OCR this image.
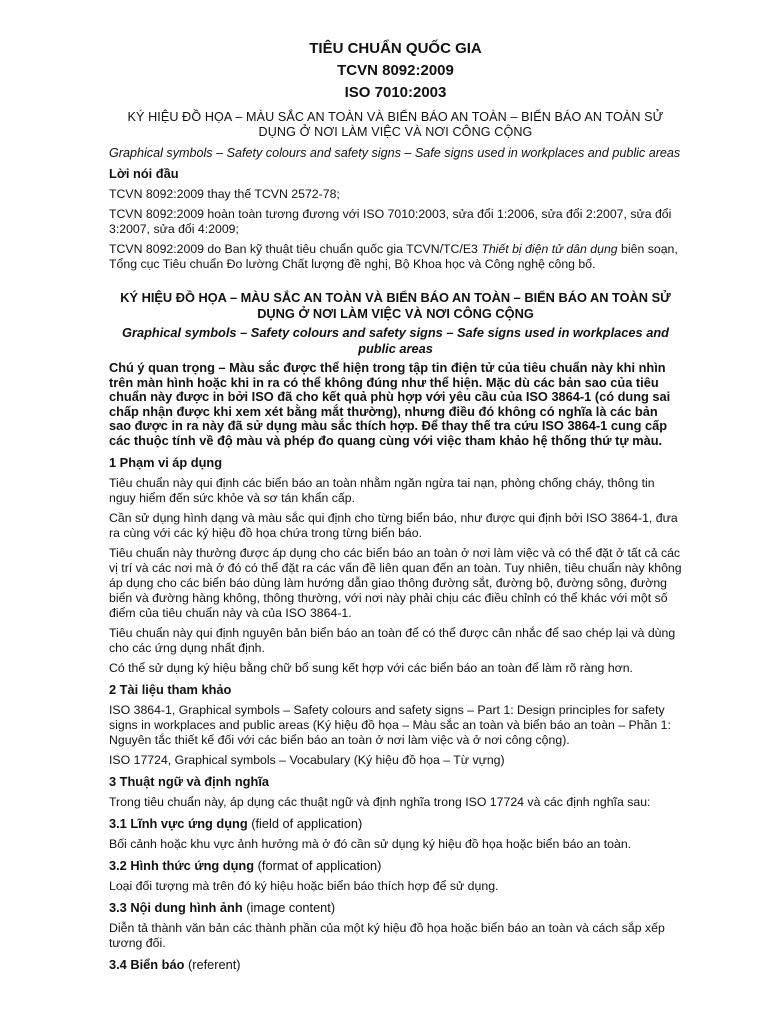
TIÊU CHUẨN QUỐC GIA

TCVN 8092:2009

ISO 7010:2003

KÝ HIỆU ĐỒ HỌA – MÀU SẮC AN TOÀN VÀ BIỂN BÁO AN TOÀN – BIỂN BÁO AN TOÀN SỬ DỤNG Ở NƠI LÀM VIỆC VÀ NƠI CÔNG CỘNG

Graphical symbols – Safety colours and safety signs – Safe signs used in workplaces and public areas

Lời nói đầu

TCVN 8092:2009 thay thế TCVN 2572-78;

TCVN 8092:2009 hoàn toàn tương đương với ISO 7010:2003, sửa đổi 1:2006, sửa đổi 2:2007, sửa đổi 3:2007, sửa đổi 4:2009;

TCVN 8092:2009 do Ban kỹ thuật tiêu chuẩn quốc gia TCVN/TC/E3 Thiết bị điện tử dân dụng biên soạn, Tổng cục Tiêu chuẩn Đo lường Chất lượng đề nghị, Bộ Khoa học và Công nghệ công bố.

KÝ HIỆU ĐỒ HỌA – MÀU SẮC AN TOÀN VÀ BIỂN BÁO AN TOÀN – BIỂN BÁO AN TOÀN SỬ DỤNG Ở NƠI LÀM VIỆC VÀ NƠI CÔNG CỘNG

Graphical symbols – Safety colours and safety signs – Safe signs used in workplaces and public areas

Chú ý quan trọng – Màu sắc được thể hiện trong tập tin điện tử của tiêu chuẩn này khi nhìn trên màn hình hoặc khi in ra có thể không đúng như thể hiện. Mặc dù các bản sao của tiêu chuẩn này được in bởi ISO đã cho kết quả phù hợp với yêu cầu của ISO 3864-1 (có dung sai chấp nhận được khi xem xét bằng mắt thường), nhưng điều đó không có nghĩa là các bản sao được in ra này đã sử dụng màu sắc thích hợp. Để thay thế tra cứu ISO 3864-1 cung cấp các thuộc tính về độ màu và phép đo quang cùng với việc tham khảo hệ thống thứ tự màu.

1 Phạm vi áp dụng

Tiêu chuẩn này qui định các biển báo an toàn nhằm ngăn ngừa tai nạn, phòng chống cháy, thông tin nguy hiểm đến sức khỏe và sơ tán khẩn cấp.

Cần sử dụng hình dạng và màu sắc qui định cho từng biển báo, như được qui định bởi ISO 3864-1, đưa ra cùng với các ký hiệu đồ họa chứa trong từng biển báo.

Tiêu chuẩn này thường được áp dụng cho các biển báo an toàn ở nơi làm việc và có thể đặt ở tất cả các vị trí và các nơi mà ở đó có thể đặt ra các vấn đề liên quan đến an toàn. Tuy nhiên, tiêu chuẩn này không áp dụng cho các biển báo dùng làm hướng dẫn giao thông đường sắt, đường bộ, đường sông, đường biển và đường hàng không, thông thường, với nơi này phải chịu các điều chỉnh có thể khác với một số điểm của tiêu chuẩn này và của ISO 3864-1.

Tiêu chuẩn này qui định nguyên bản biển báo an toàn để có thể được cân nhắc để sao chép lại và dùng cho các ứng dụng nhất định.

Có thể sử dụng ký hiệu bằng chữ bổ sung kết hợp với các biển báo an toàn để làm rõ ràng hơn.

2 Tài liệu tham khảo

ISO 3864-1, Graphical symbols – Safety colours and safety signs – Part 1: Design principles for safety signs in workplaces and public areas (Ký hiệu đồ họa – Màu sắc an toàn và biển báo an toàn – Phần 1: Nguyên tắc thiết kế đối với các biển báo an toàn ở nơi làm việc và ở nơi công cộng).

ISO 17724, Graphical symbols – Vocabulary (Ký hiệu đồ họa – Từ vựng)

3 Thuật ngữ và định nghĩa

Trong tiêu chuẩn này, áp dụng các thuật ngữ và định nghĩa trong ISO 17724 và các định nghĩa sau:

3.1 Lĩnh vực ứng dụng (field of application)

Bối cảnh hoặc khu vực ảnh hưởng mà ở đó cần sử dụng ký hiệu đồ họa hoặc biển báo an toàn.

3.2 Hình thức ứng dụng (format of application)

Loại đối tượng mà trên đó ký hiệu hoặc biển báo thích hợp để sử dụng.

3.3 Nội dung hình ảnh (image content)

Diễn tả thành văn bản các thành phần của một ký hiệu đồ họa hoặc biển báo an toàn và cách sắp xếp tương đối.

3.4 Biển báo (referent)
